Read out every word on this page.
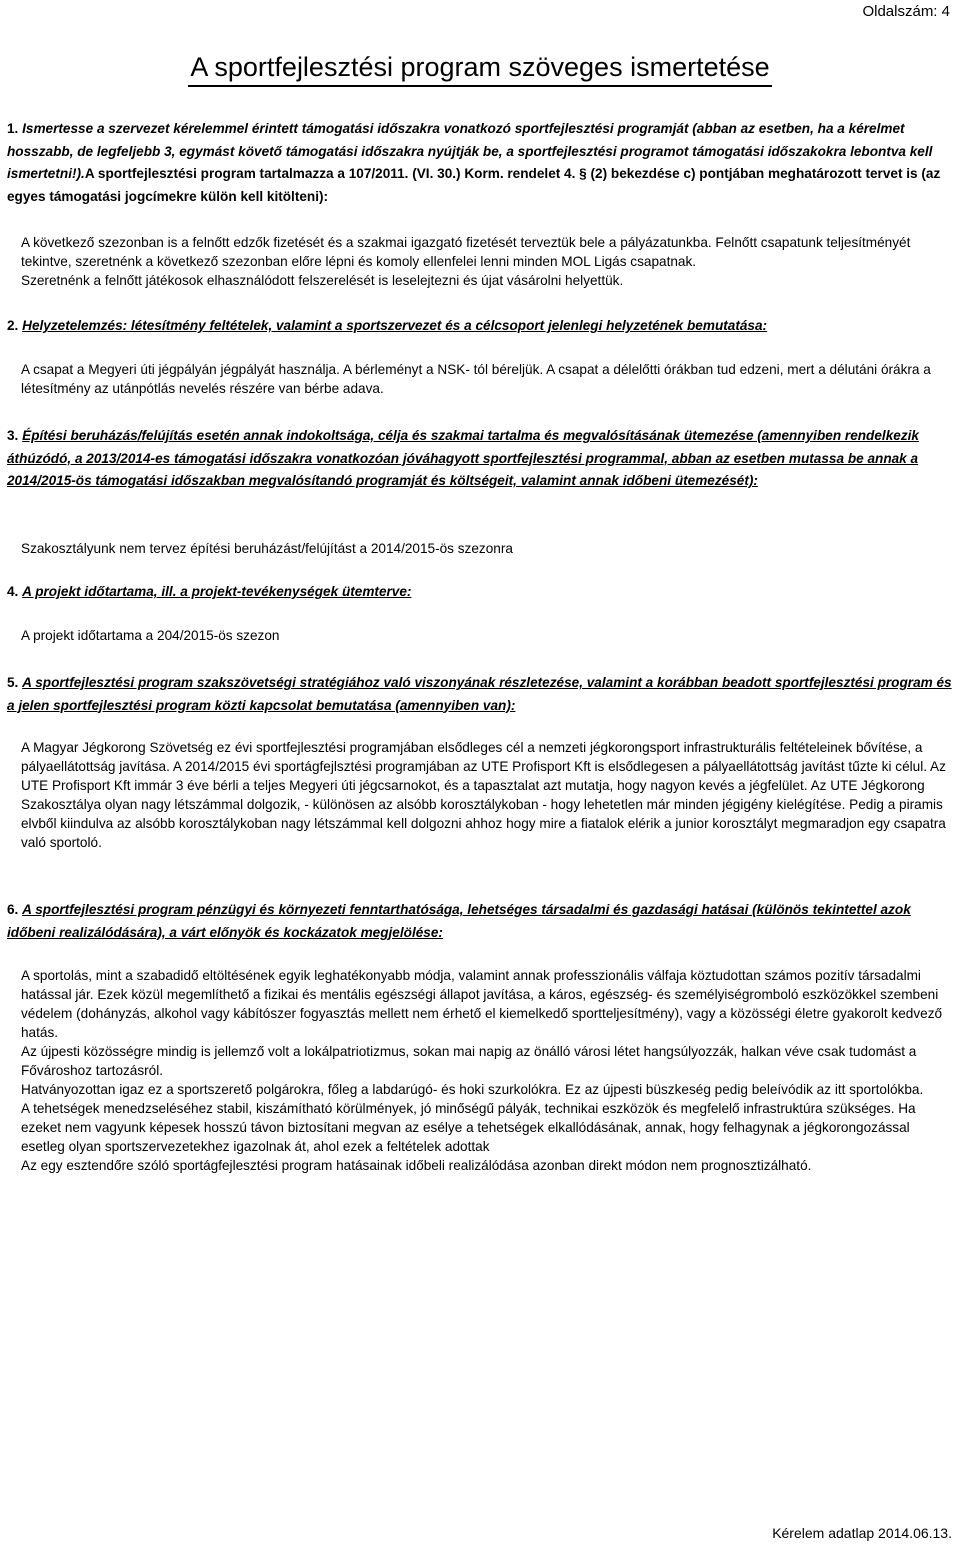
Oldalszám: 4
A sportfejlesztési program szöveges ismertetése
1. Ismertesse a szervezet kérelemmel érintett támogatási időszakra vonatkozó sportfejlesztési programját (abban az esetben, ha a kérelmet hosszabb, de legfeljebb 3, egymást követő támogatási időszakra nyújtják be, a sportfejlesztési programot támogatási időszakokra lebontva kell ismertetni!).A sportfejlesztési program tartalmazza a 107/2011. (VI. 30.) Korm. rendelet 4. § (2) bekezdése c) pontjában meghatározott tervet is (az egyes támogatási jogcímekre külön kell kitölteni):
A következő szezonban is a felnőtt edzők fizetését és a szakmai igazgató fizetését terveztük bele a pályázatunkba. Felnőtt csapatunk teljesítményét tekintve, szeretnénk a következő szezonban előre lépni és komoly ellenfelei lenni minden MOL Ligás csapatnak.
Szeretnénk a felnőtt játékosok elhasználódott felszerelését is leselejtezni és újat vásárolni helyettük.
2. Helyzetelemzés: létesítmény feltételek, valamint a sportszervezet és a célcsoport jelenlegi helyzetének bemutatása:
A csapat a Megyeri úti jégpályán jégpályát használja. A bérleményt a NSK- tól béreljük. A csapat a délelőtti órákban tud edzeni, mert a délutáni órákra a létesítmény az utánpótlás nevelés részére van bérbe adava.
3. Építési beruházás/felújítás esetén annak indokoltsága, célja és szakmai tartalma és megvalósításának ütemezése (amennyiben rendelkezik áthúzódó, a 2013/2014-es támogatási időszakra vonatkozóan jóváhagyott sportfejlesztési programmal, abban az esetben mutassa be annak a 2014/2015-ös támogatási időszakban megvalósítandó programját és költségeit, valamint annak időbeni ütemezését):
Szakosztályunk nem tervez építési beruházást/felújítást a 2014/2015-ös szezonra
4. A projekt időtartama, ill. a projekt-tevékenységek ütemterve:
A projekt időtartama a 204/2015-ös szezon
5. A sportfejlesztési program szakszövetségi stratégiához való viszonyának részletezése, valamint a korábban beadott sportfejlesztési program és a jelen sportfejlesztési program közti kapcsolat bemutatása (amennyiben van):
A Magyar Jégkorong Szövetség ez évi sportfejlesztési programjában elsődleges cél a nemzeti jégkorongsport infrastrukturális feltételeinek bővítése, a pályaellátottság javítása. A 2014/2015 évi sportágfejlsztési programjában az UTE Profisport Kft is elsődlegesen a pályaellátottság javítást tűzte ki célul. Az UTE Profisport Kft immár 3 éve bérli a teljes Megyeri úti jégcsarnokot, és a tapasztalat azt mutatja, hogy nagyon kevés a jégfelület. Az UTE Jégkorong Szakosztálya olyan nagy létszámmal dolgozik, - különösen az alsóbb korosztálykoban - hogy lehetetlen már minden jégigény kielégítése. Pedig a piramis elvből kiindulva az alsóbb korosztálykoban nagy létszámmal kell dolgozni ahhoz hogy mire a fiatalok elérik a junior korosztályt megmaradjon egy csapatra való sportoló.
6. A sportfejlesztési program pénzügyi és környezeti fenntarthatósága, lehetséges társadalmi és gazdasági hatásai (különös tekintettel azok időbeni realizálódására), a várt előnyök és kockázatok megjelölése:
A sportolás, mint a szabadidő eltöltésének egyik leghatékonyabb módja, valamint annak professzionális válfaja köztudottan számos pozitív társadalmi hatással jár. Ezek közül megemlíthető a fizikai és mentális egészségi állapot javítása, a káros, egészség- és személyiségromboló eszközökkel szembeni védelem (dohányzás, alkohol vagy kábítószer fogyasztás mellett nem érhető el kiemelkedő sportteljesítmény), vagy a közösségi életre gyakorolt kedvező hatás.
Az újpesti közösségre mindig is jellemző volt a lokálpatriotizmus, sokan mai napig az önálló városi létet hangsúlyozzák, halkan véve csak tudomást a Fővároshoz tartozásról.
Hatványozottan igaz ez a sportszerető polgárokra, főleg a labdarúgó- és hoki szurkolókra. Ez az újpesti büszkeség pedig beleívódik az itt sportolókba.
A tehetségek menedzseléséhez stabil, kiszámítható körülmények, jó minőségű pályák, technikai eszközök és megfelelő infrastruktúra szükséges. Ha ezeket nem vagyunk képesek hosszú távon biztosítani megvan az esélye a tehetségek elkallódásának, annak, hogy felhagynak a jégkorongozással esetleg olyan sportszervezetekhez igazolnak át, ahol ezek a feltételek adottak
Az egy esztendőre szóló sportágfejlesztési program hatásainak időbeli realizálódása azonban direkt módon nem prognosztizálható.
Kérelem adatlap 2014.06.13.
